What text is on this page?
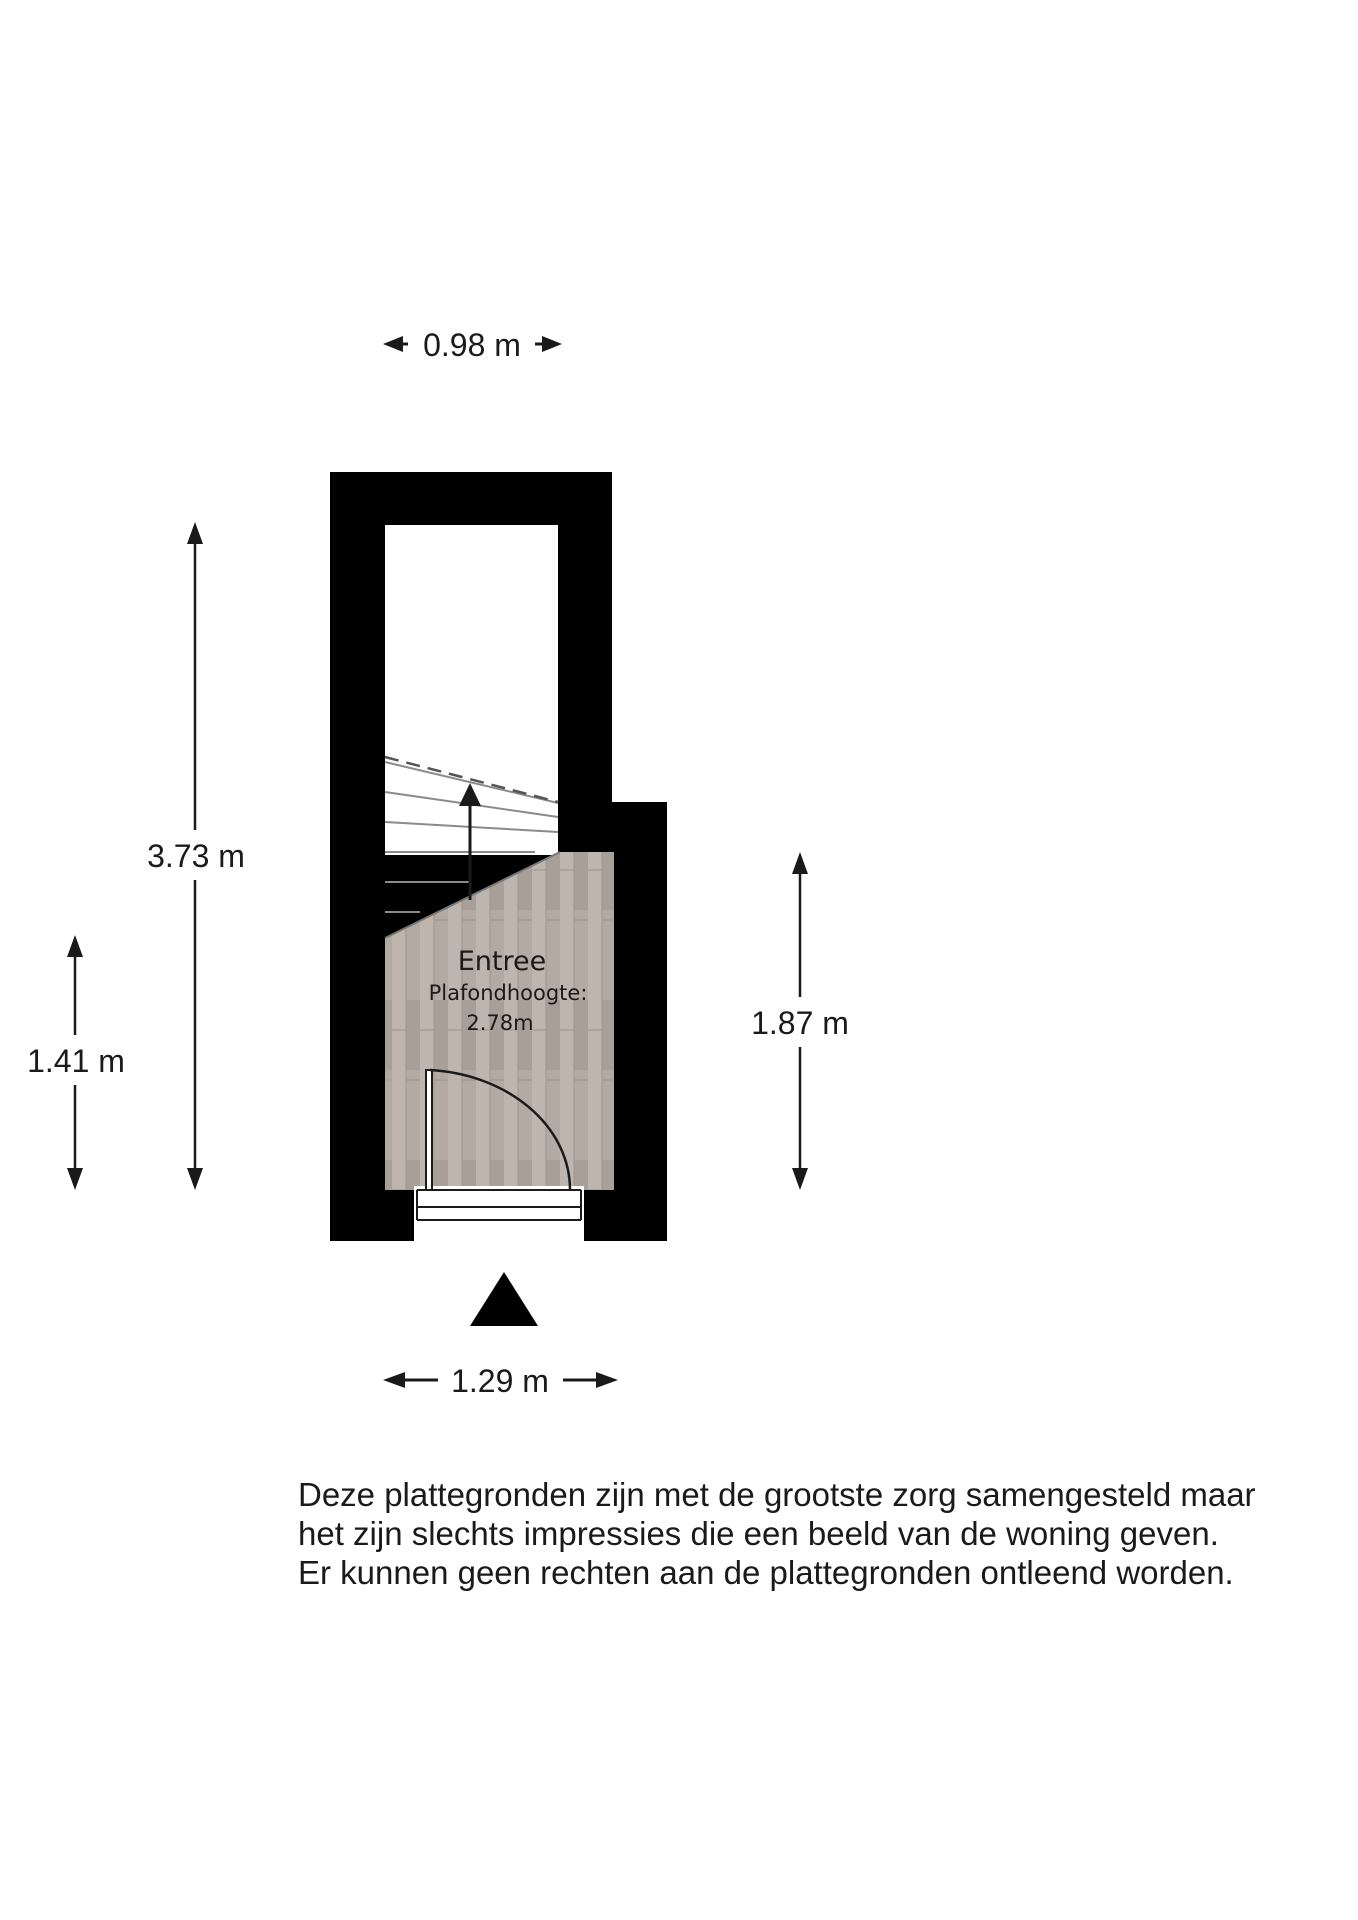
Entree
Plafondhoogte:
2.78m
0.98 m
1.29 m
3.73 m
1.41 m
1.87 m
Deze plattegronden zijn met de grootste zorg samengesteld maar
het zijn slechts impressies die een beeld van de woning geven.
Er kunnen geen rechten aan de plattegronden ontleend worden.
